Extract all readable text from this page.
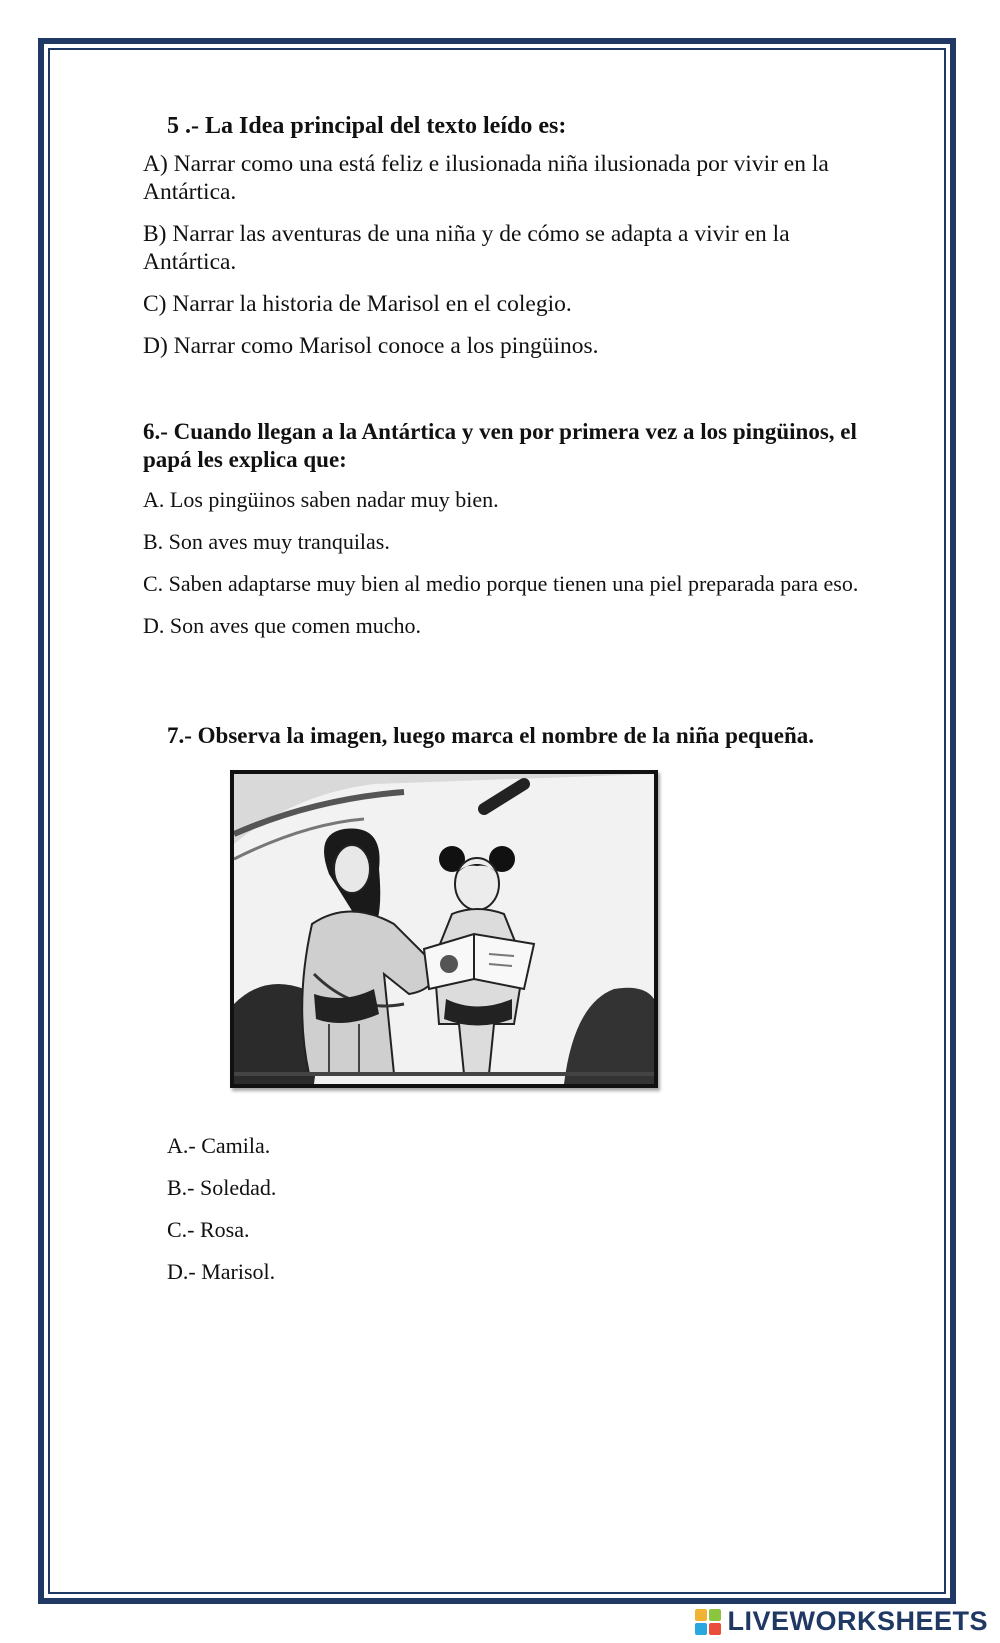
5 .- La Idea principal del texto leído es:

A) Narrar como una está feliz e ilusionada niña ilusionada por vivir en la Antártica.

B) Narrar las aventuras de una niña y de cómo se adapta a vivir en la Antártica.

C) Narrar la historia de Marisol en el colegio.

D) Narrar como Marisol conoce a los pingüinos.

6.- Cuando llegan a la Antártica y ven por primera vez a los pingüinos, el papá les explica que:

A. Los pingüinos saben nadar muy bien.

B. Son aves muy tranquilas.

C. Saben adaptarse muy bien al medio porque tienen una piel preparada para eso.

D. Son aves que comen mucho.

7.- Observa la imagen, luego marca el nombre de la niña pequeña.

A.- Camila.

B.- Soledad.

C.- Rosa.

D.- Marisol.

LIVEWORKSHEETS
